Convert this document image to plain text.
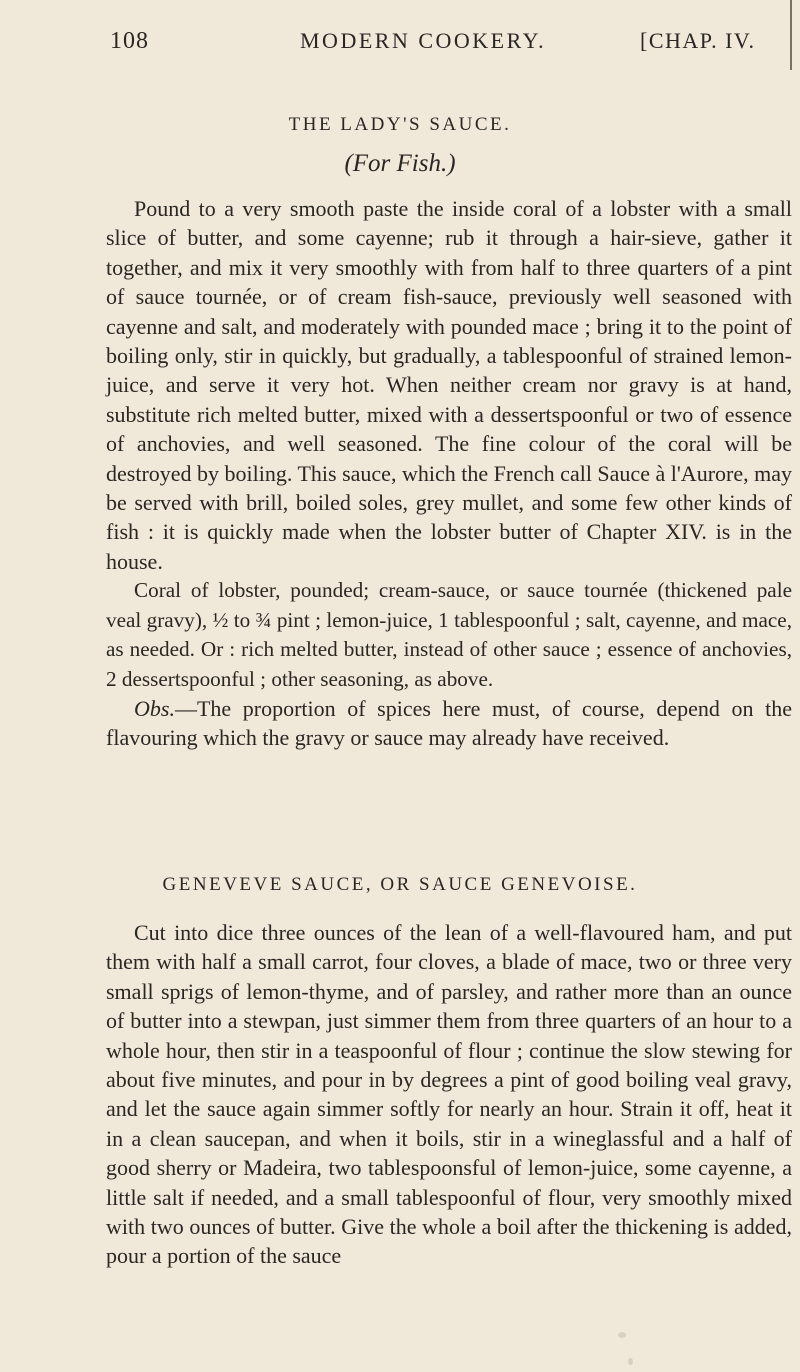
108	MODERN COOKERY.	[CHAP. IV.
THE LADY'S SAUCE.
(For Fish.)

Pound to a very smooth paste the inside coral of a lobster with a small slice of butter, and some cayenne; rub it through a hair-sieve, gather it together, and mix it very smoothly with from half to three quarters of a pint of sauce tournée, or of cream fish-sauce, previously well seasoned with cayenne and salt, and moderately with pounded mace ; bring it to the point of boiling only, stir in quickly, but gradually, a tablespoonful of strained lemon-juice, and serve it very hot. When neither cream nor gravy is at hand, substitute rich melted butter, mixed with a dessertspoonful or two of essence of anchovies, and well seasoned. The fine colour of the coral will be destroyed by boiling. This sauce, which the French call Sauce à l'Aurore, may be served with brill, boiled soles, grey mullet, and some few other kinds of fish : it is quickly made when the lobster butter of Chapter XIV. is in the house.

Coral of lobster, pounded; cream-sauce, or sauce tournée (thickened pale veal gravy), ½ to ¾ pint ; lemon-juice, 1 tablespoonful ; salt, cayenne, and mace, as needed. Or : rich melted butter, instead of other sauce ; essence of anchovies, 2 dessertspoonful ; other seasoning, as above.

Obs.—The proportion of spices here must, of course, depend on the flavouring which the gravy or sauce may already have received.

GENEVEVE SAUCE, OR SAUCE GENEVOISE.

Cut into dice three ounces of the lean of a well-flavoured ham, and put them with half a small carrot, four cloves, a blade of mace, two or three very small sprigs of lemon-thyme, and of parsley, and rather more than an ounce of butter into a stewpan, just simmer them from three quarters of an hour to a whole hour, then stir in a teaspoonful of flour ; continue the slow stewing for about five minutes, and pour in by degrees a pint of good boiling veal gravy, and let the sauce again simmer softly for nearly an hour. Strain it off, heat it in a clean saucepan, and when it boils, stir in a wineglassful and a half of good sherry or Madeira, two tablespoonsful of lemon-juice, some cayenne, a little salt if needed, and a small tablespoonful of flour, very smoothly mixed with two ounces of butter. Give the whole a boil after the thickening is added, pour a portion of the sauce
